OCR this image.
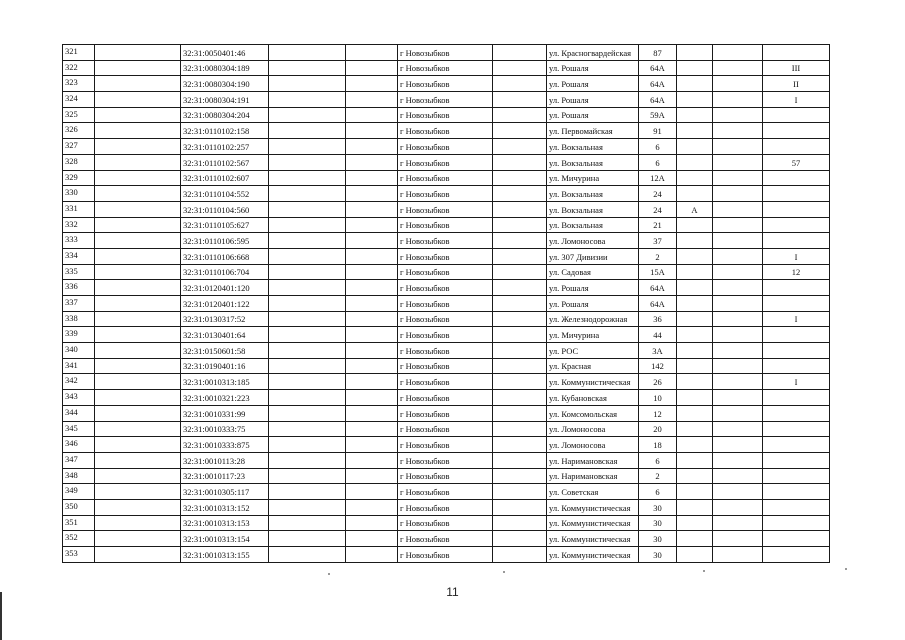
321		32:31:0050401:46			г Новозыбков		ул. Красногвардейская	87			
322		32:31:0080304:189			г Новозыбков		ул. Рошаля	64А			III
323		32:31:0080304:190			г Новозыбков		ул. Рошаля	64А			II
324		32:31:0080304:191			г Новозыбков		ул. Рошаля	64А			I
325		32:31:0080304:204			г Новозыбков		ул. Рошаля	59А			
326		32:31:0110102:158			г Новозыбков		ул. Первомайская	91			
327		32:31:0110102:257			г Новозыбков		ул. Вокзальная	6			
328		32:31:0110102:567			г Новозыбков		ул. Вокзальная	6			57
329		32:31:0110102:607			г Новозыбков		ул. Мичурина	12А			
330		32:31:0110104:552			г Новозыбков		ул. Вокзальная	24			
331		32:31:0110104:560			г Новозыбков		ул. Вокзальная	24	А		
332		32:31:0110105:627			г Новозыбков		ул. Вокзальная	21			
333		32:31:0110106:595			г Новозыбков		ул. Ломоносова	37			
334		32:31:0110106:668			г Новозыбков		ул. 307 Дивизии	2			I
335		32:31:0110106:704			г Новозыбков		ул. Садовая	15А			12
336		32:31:0120401:120			г Новозыбков		ул. Рошаля	64А			
337		32:31:0120401:122			г Новозыбков		ул. Рошаля	64А			
338		32:31:0130317:52			г Новозыбков		ул. Железнодорожная	36			I
339		32:31:0130401:64			г Новозыбков		ул. Мичурина	44			
340		32:31:0150601:58			г Новозыбков		ул. РОС	3А			
341		32:31:0190401:16			г Новозыбков		ул. Красная	142			
342		32:31:0010313:185			г Новозыбков		ул. Коммунистическая	26			I
343		32:31:0010321:223			г Новозыбков		ул. Кубановская	10			
344		32:31:0010331:99			г Новозыбков		ул. Комсомольская	12			
345		32:31:0010333:75			г Новозыбков		ул. Ломоносова	20			
346		32:31:0010333:875			г Новозыбков		ул. Ломоносова	18			
347		32:31:0010113:28			г Новозыбков		ул. Наримановская	6			
348		32:31:0010117:23			г Новозыбков		ул. Наримановская	2			
349		32:31:0010305:117			г Новозыбков		ул. Советская	6			
350		32:31:0010313:152			г Новозыбков		ул. Коммунистическая	30			
351		32:31:0010313:153			г Новозыбков		ул. Коммунистическая	30			
352		32:31:0010313:154			г Новозыбков		ул. Коммунистическая	30			
353		32:31:0010313:155			г Новозыбков		ул. Коммунистическая	30			
11
